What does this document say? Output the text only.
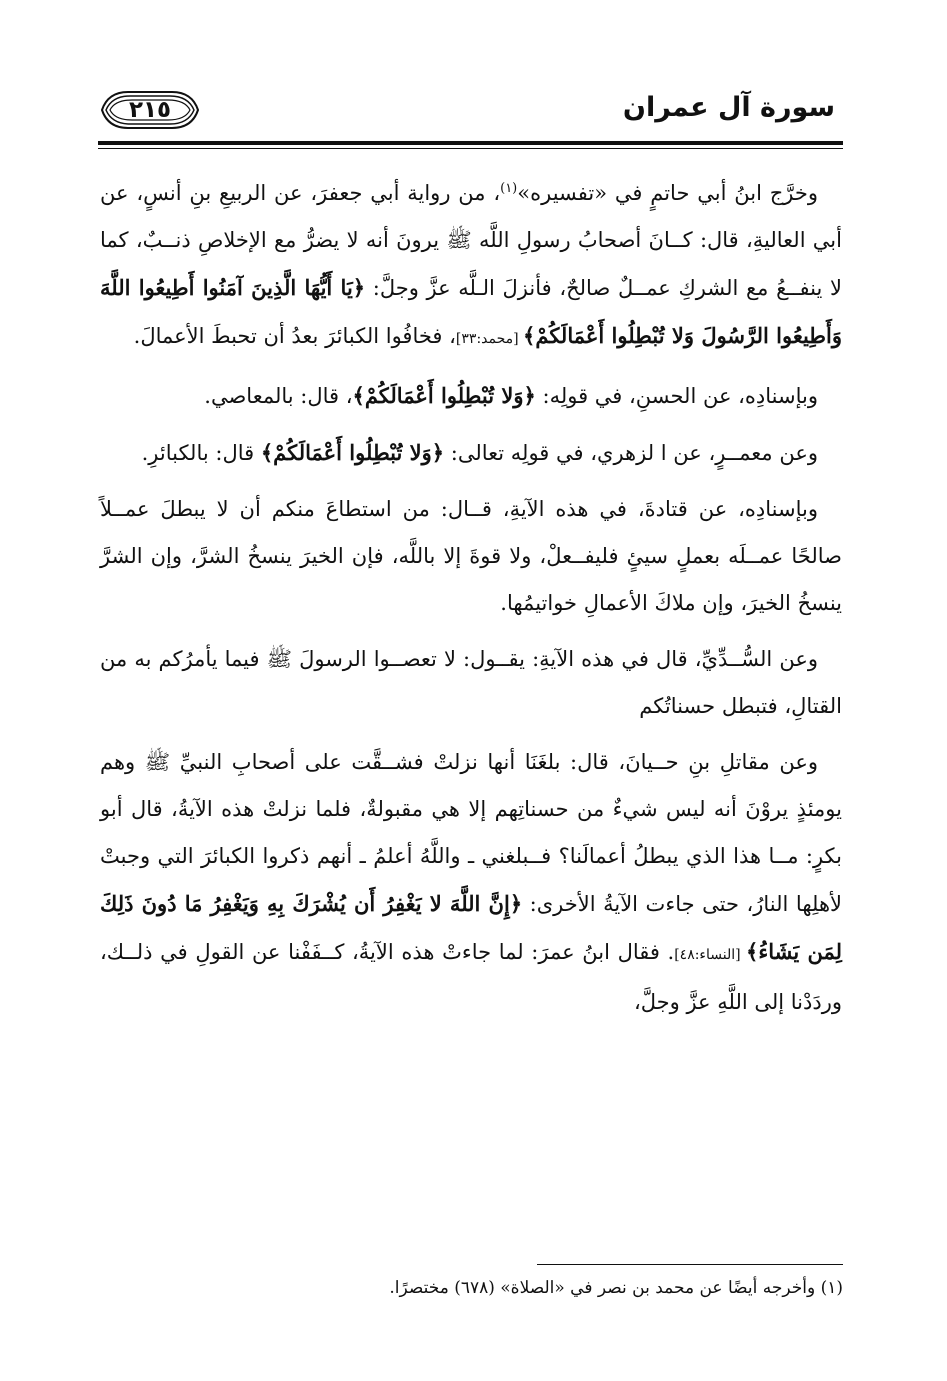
سورة آل عمران
٢١٥

وخرَّج ابنُ أبي حاتمٍ في «تفسيره»$^{(١)}$، من رواية أبي جعفرَ، عن الربيعِ بنِ أنسٍ، عن أبي العاليةِ، قال: كــانَ أصحابُ رسولِ اللَّه ﷺ يرونَ أنه لا يضرُّ مع الإخلاصِ ذنــبٌ، كما لا ينفــعُ مع الشركِ عمــلٌ صالحٌ، فأنزلَ الـلَّه عزَّ وجلَّ: ﴿يَا أَيُّهَا الَّذِينَ آمَنُوا أَطِيعُوا اللَّهَ وَأَطِيعُوا الرَّسُولَ وَلا تُبْطِلُوا أَعْمَالَكُمْ﴾ [محمد:٣٣]، فخافُوا الكبائرَ بعدُ أن تحبطَ الأعمالَ.

وبإسنادِه، عن الحسنِ، في قولِه: ﴿وَلا تُبْطِلُوا أَعْمَالَكُمْ﴾، قال: بالمعاصي.

وعن معمــرٍ، عن ا لزهري، في قولِه تعالى: ﴿وَلا تُبْطِلُوا أَعْمَالَكُمْ﴾ قال: بالكبائرِ.

وبإسنادِه، عن قتادةَ، في هذه الآيةِ، قــال: من استطاعَ منكم أن لا يبطلَ عمــلاً صالحًا عمــلَه بعملٍ سيئٍ فليفــعلْ، ولا قوةَ إلا باللَّه، فإن الخيرَ ينسخُ الشرَّ، وإن الشرَّ ينسخُ الخيرَ، وإن ملاكَ الأعمالِ خواتيمُها.

وعن السُّــدِّيِّ، قال في هذه الآيةِ: يقــول: لا تعصــوا الرسولَ ﷺ فيما يأمرُكم به من القتالِ، فتبطل حسناتُكم

وعن مقاتلِ بنِ حــيانَ، قال: بلغَنَا أنها نزلتْ فشــقَّت على أصحابِ النبيِّ ﷺ وهم يومئذٍ يروْنَ أنه ليس شيءٌ من حسناتِهم إلا هي مقبولةٌ، فلما نزلتْ هذه الآيةُ، قال أبو بكرٍ: مــا هذا الذي يبطلُ أعمالَنا؟ فــبلغني ـ واللَّهُ أعلمُ ـ أنهم ذكروا الكبائرَ التي وجبتْ لأهلِها النارُ، حتى جاءت الآيةُ الأخرى: ﴿إِنَّ اللَّهَ لا يَغْفِرُ أَن يُشْرَكَ بِهِ وَيَغْفِرُ مَا دُونَ ذَلِكَ لِمَن يَشَاءُ﴾ [النساء:٤٨]. فقال ابنُ عمرَ: لما جاءتْ هذه الآيةُ، كــفَفْنا عن القولِ في ذلــك، وردَدْنا إلى اللَّهِ عزَّ وجلَّ،

(١) وأخرجه أيضًا عن محمد بن نصر في «الصلاة» (٦٧٨) مختصرًا.
